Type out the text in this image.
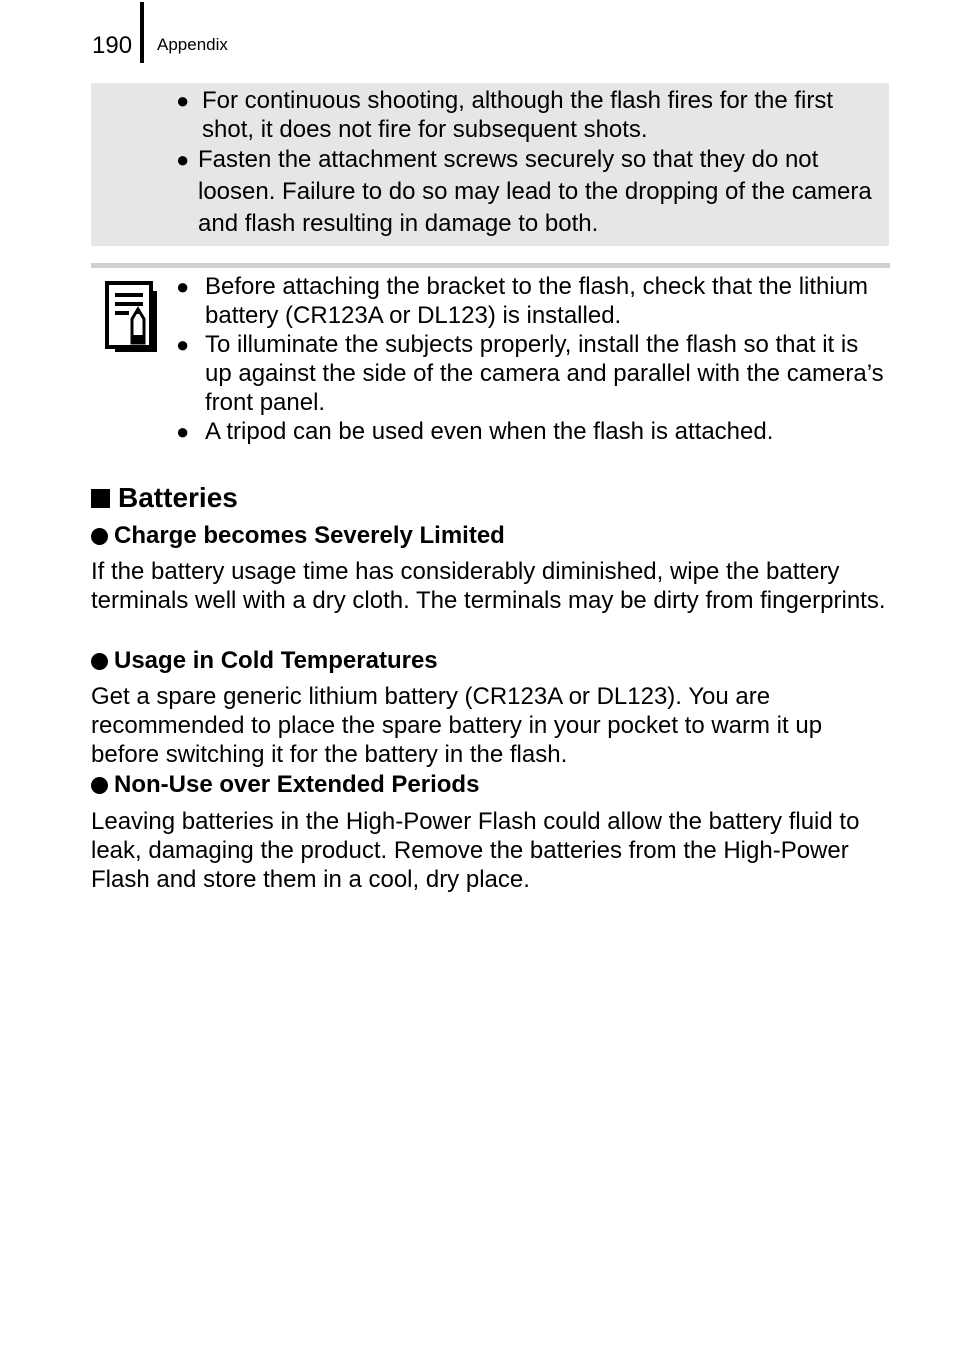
190 Appendix
● For continuous shooting, although the flash fires for the first shot, it does not fire for subsequent shots.
● Fasten the attachment screws securely so that they do not loosen. Failure to do so may lead to the dropping of the camera and flash resulting in damage to both.
● Before attaching the bracket to the flash, check that the lithium battery (CR123A or DL123) is installed.
● To illuminate the subjects properly, install the flash so that it is up against the side of the camera and parallel with the camera’s front panel.
● A tripod can be used even when the flash is attached.
Batteries
Charge becomes Severely Limited
If the battery usage time has considerably diminished, wipe the battery terminals well with a dry cloth. The terminals may be dirty from fingerprints.
Usage in Cold Temperatures
Get a spare generic lithium battery (CR123A or DL123). You are recommended to place the spare battery in your pocket to warm it up before switching it for the battery in the flash.
Non-Use over Extended Periods
Leaving batteries in the High-Power Flash could allow the battery fluid to leak, damaging the product. Remove the batteries from the High-Power Flash and store them in a cool, dry place.
